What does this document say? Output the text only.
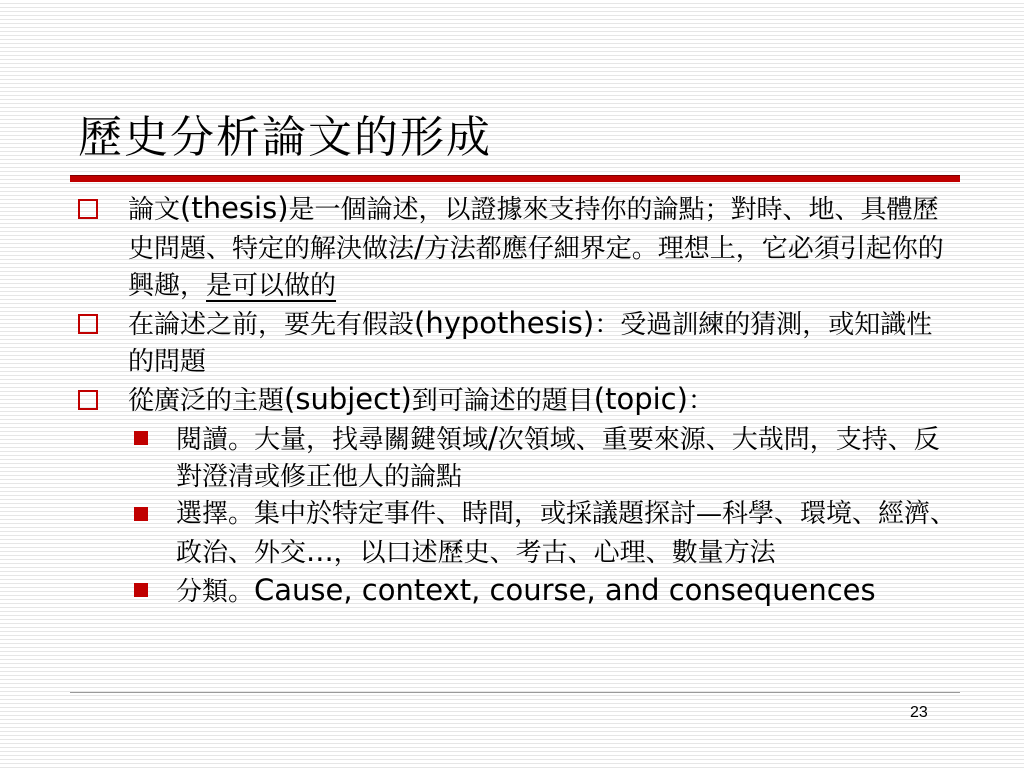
歷史分析論文的形成

論文(thesis)是一個論述，以證據來支持你的論點；對時、地、具體歷史問題、特定的解決做法/方法都應仔細界定。理想上，它必須引起你的興趣，是可以做的

在論述之前，要先有假設(hypothesis)：受過訓練的猜測，或知識性的問題

從廣泛的主題(subject)到可論述的題目(topic)：

閱讀。大量，找尋關鍵領域/次領域、重要來源、大哉問，支持、反對澄清或修正他人的論點

選擇。集中於特定事件、時間，或採議題探討—科學、環境、經濟、政治、外交...，以口述歷史、考古、心理、數量方法

分類。Cause, context, course, and consequences

23
